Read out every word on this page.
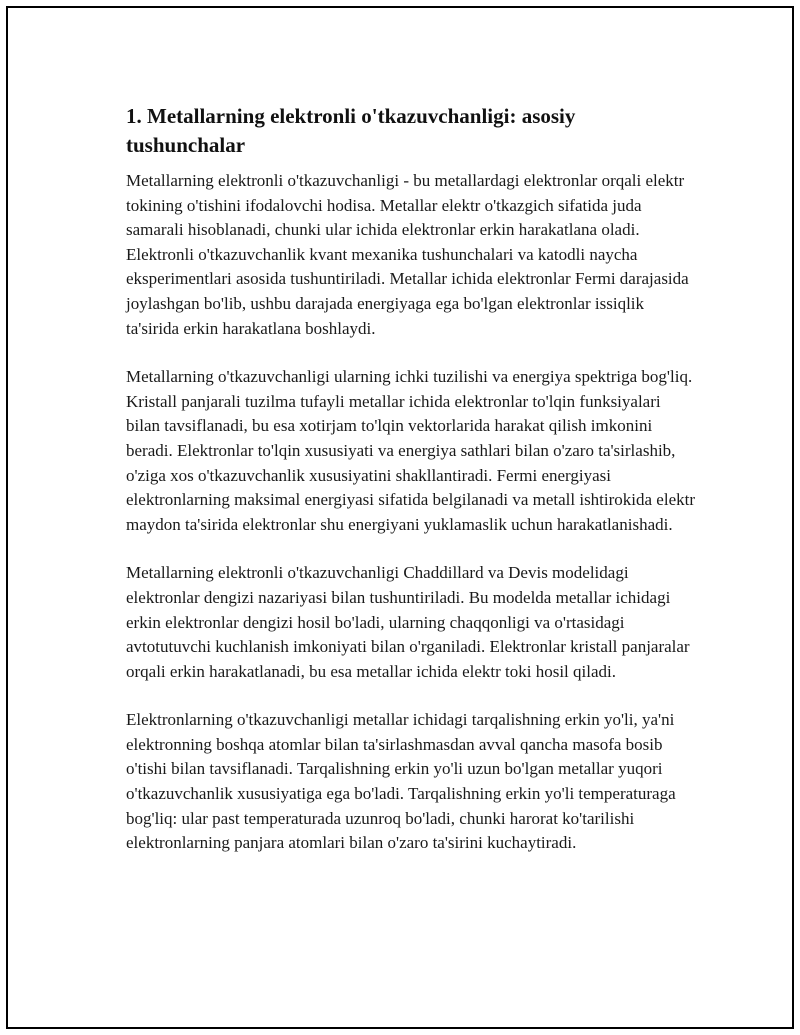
1. Metallarning elektronli o'tkazuvchanligi: asosiy tushunchalar

Metallarning elektronli o'tkazuvchanligi - bu metallardagi elektronlar orqali elektr tokining o'tishini ifodalovchi hodisa. Metallar elektr o'tkazgich sifatida juda samarali hisoblanadi, chunki ular ichida elektronlar erkin harakatlana oladi. Elektronli o'tkazuvchanlik kvant mexanika tushunchalari va katodli naycha eksperimentlari asosida tushuntiriladi. Metallar ichida elektronlar Fermi darajasida joylashgan bo'lib, ushbu darajada energiyaga ega bo'lgan elektronlar issiqlik ta'sirida erkin harakatlana boshlaydi.

Metallarning o'tkazuvchanligi ularning ichki tuzilishi va energiya spektriga bog'liq. Kristall panjarali tuzilma tufayli metallar ichida elektronlar to'lqin funksiyalari bilan tavsiflanadi, bu esa xotirjam to'lqin vektorlarida harakat qilish imkonini beradi. Elektronlar to'lqin xususiyati va energiya sathlari bilan o'zaro ta'sirlashib, o'ziga xos o'tkazuvchanlik xususiyatini shakllantiradi. Fermi energiyasi elektronlarning maksimal energiyasi sifatida belgilanadi va metall ishtirokida elektr maydon ta'sirida elektronlar shu energiyani yuklamaslik uchun harakatlanishadi.

Metallarning elektronli o'tkazuvchanligi Chaddillard va Devis modelidagi elektronlar dengizi nazariyasi bilan tushuntiriladi. Bu modelda metallar ichidagi erkin elektronlar dengizi hosil bo'ladi, ularning chaqqonligi va o'rtasidagi avtotutuvchi kuchlanish imkoniyati bilan o'rganiladi. Elektronlar kristall panjaralar orqali erkin harakatlanadi, bu esa metallar ichida elektr toki hosil qiladi.

Elektronlarning o'tkazuvchanligi metallar ichidagi tarqalishning erkin yo'li, ya'ni elektronning boshqa atomlar bilan ta'sirlashmasdan avval qancha masofa bosib o'tishi bilan tavsiflanadi. Tarqalishning erkin yo'li uzun bo'lgan metallar yuqori o'tkazuvchanlik xususiyatiga ega bo'ladi. Tarqalishning erkin yo'li temperaturaga bog'liq: ular past temperaturada uzunroq bo'ladi, chunki harorat ko'tarilishi elektronlarning panjara atomlari bilan o'zaro ta'sirini kuchaytiradi.
